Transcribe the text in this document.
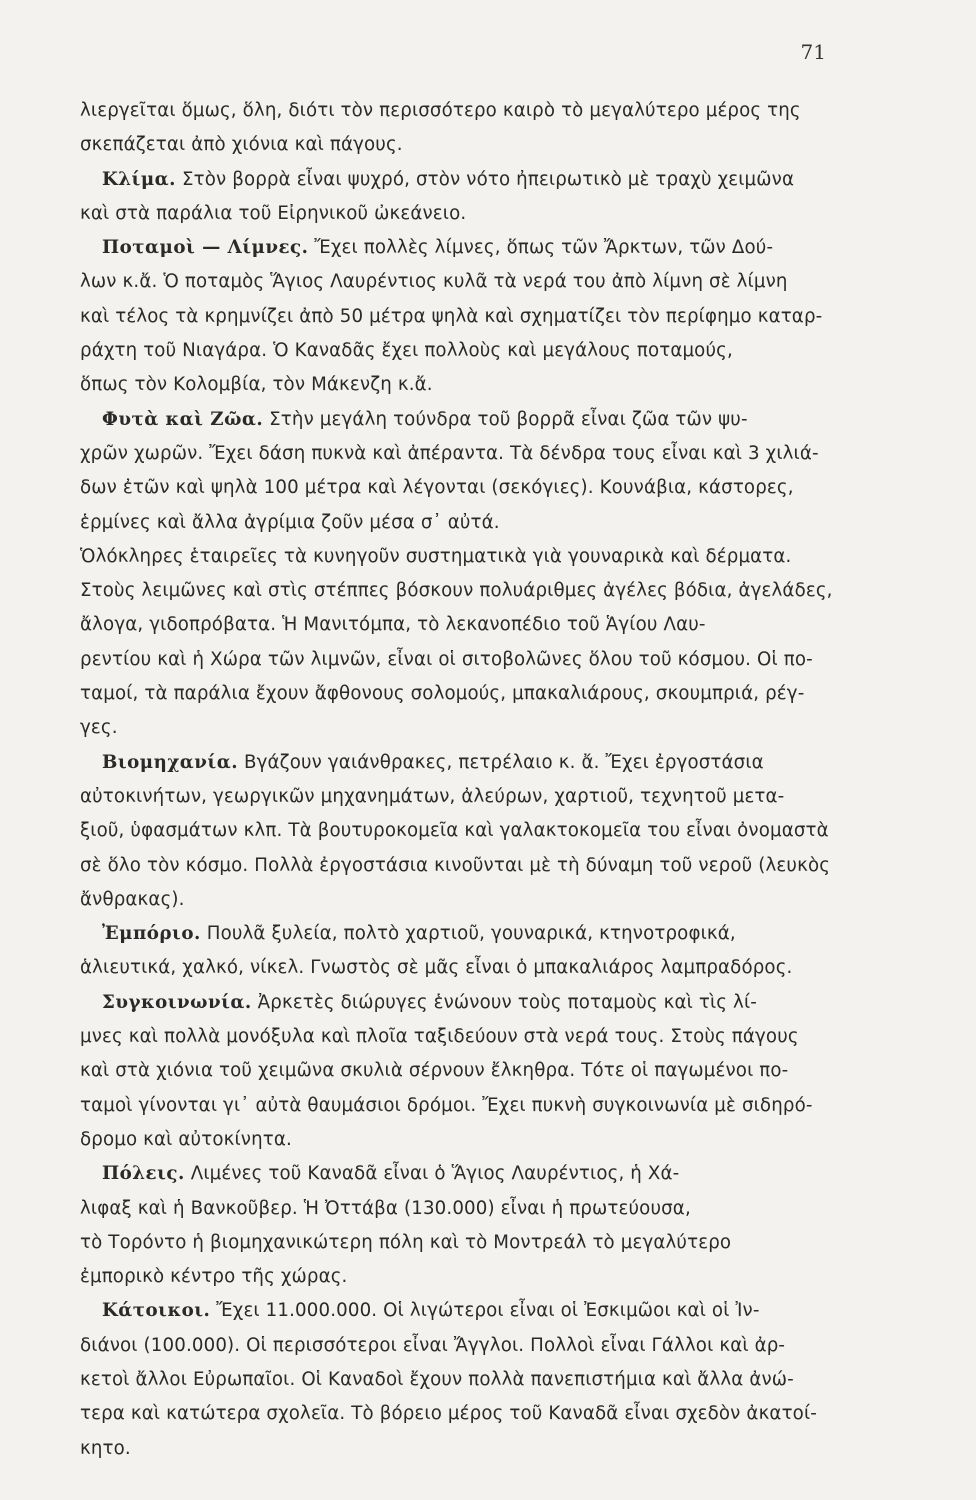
71
λιεργεῖται ὅμως, ὅλη, διότι τὸν περισσότερο καιρὸ τὸ μεγαλύτερο μέρος της
σκεπάζεται ἀπὸ χιόνια καὶ πάγους.
Κλίμα. Στὸν βορρὰ εἶναι ψυχρό, στὸν νότο ἠπειρωτικὸ μὲ τραχὺ χειμῶνα
καὶ στὰ παράλια τοῦ Εἰρηνικοῦ ὠκεάνειο.
Ποταμοὶ — Λίμνες. Ἔχει πολλὲς λίμνες, ὅπως τῶν Ἄρκτων, τῶν Δού-
λων κ.ἄ. Ὁ ποταμὸς Ἅγιος Λαυρέντιος κυλᾶ τὰ νερά του ἀπὸ λίμνη σὲ λίμνη
καὶ τέλος τὰ κρημνίζει ἀπὸ 50 μέτρα ψηλὰ καὶ σχηματίζει τὸν περίφημο καταρ-
ράχτη τοῦ Νιαγάρα. Ὁ Καναδᾶς ἔχει πολλοὺς καὶ μεγάλους ποταμούς,
ὅπως τὸν Κολομβία, τὸν Μάκενζη κ.ἄ.
Φυτὰ καὶ Ζῶα. Στὴν μεγάλη τούνδρα τοῦ βορρᾶ εἶναι ζῶα τῶν ψυ-
χρῶν χωρῶν. Ἔχει δάση πυκνὰ καὶ ἀπέραντα. Τὰ δένδρα τους εἶναι καὶ 3 χιλιά-
δων ἐτῶν καὶ ψηλὰ 100 μέτρα καὶ λέγονται (σεκόγιες). Κουνάβια, κάστορες,
ἑρμίνες καὶ ἄλλα ἀγρίμια ζοῦν μέσα σ᾽ αὐτά.
Ὁλόκληρες ἑταιρεῖες τὰ κυνηγοῦν συστηματικὰ γιὰ γουναρικὰ καὶ δέρματα.
Στοὺς λειμῶνες καὶ στὶς στέππες βόσκουν πολυάριθμες ἀγέλες βόδια, ἀγελάδες,
ἄλογα, γιδοπρόβατα. Ἡ Μανιτόμπα, τὸ λεκανοπέδιο τοῦ Ἁγίου Λαυ-
ρεντίου καὶ ἡ Χώρα τῶν λιμνῶν, εἶναι οἱ σιτοβολῶνες ὅλου τοῦ κόσμου. Οἱ πο-
ταμοί, τὰ παράλια ἔχουν ἄφθονους σολομούς, μπακαλιάρους, σκουμπριά, ρέγ-
γες.
Βιομηχανία. Βγάζουν γαιάνθρακες, πετρέλαιο κ. ἄ. Ἔχει ἐργοστάσια
αὐτοκινήτων, γεωργικῶν μηχανημάτων, ἀλεύρων, χαρτιοῦ, τεχνητοῦ μετα-
ξιοῦ, ὑφασμάτων κλπ. Τὰ βουτυροκομεῖα καὶ γαλακτοκομεῖα του εἶναι ὀνομαστὰ
σὲ ὅλο τὸν κόσμο. Πολλὰ ἐργοστάσια κινοῦνται μὲ τὴ δύναμη τοῦ νεροῦ (λευκὸς
ἄνθρακας).
Ἐμπόριο. Πουλᾶ ξυλεία, πολτὸ χαρτιοῦ, γουναρικά, κτηνοτροφικά,
ἁλιευτικά, χαλκό, νίκελ. Γνωστὸς σὲ μᾶς εἶναι ὁ μπακαλιάρος λαμπραδόρος.
Συγκοινωνία. Ἀρκετὲς διώρυγες ἑνώνουν τοὺς ποταμοὺς καὶ τὶς λί-
μνες καὶ πολλὰ μονόξυλα καὶ πλοῖα ταξιδεύουν στὰ νερά τους. Στοὺς πάγους
καὶ στὰ χιόνια τοῦ χειμῶνα σκυλιὰ σέρνουν ἔλκηθρα. Τότε οἱ παγωμένοι πο-
ταμοὶ γίνονται γι᾽ αὐτὰ θαυμάσιοι δρόμοι. Ἔχει πυκνὴ συγκοινωνία μὲ σιδηρό-
δρομο καὶ αὐτοκίνητα.
Πόλεις. Λιμένες τοῦ Καναδᾶ εἶναι ὁ Ἅγιος Λαυρέντιος, ἡ Χά-
λιφαξ καὶ ἡ Βανκοῦβερ. Ἡ Ὀττάβα (130.000) εἶναι ἡ πρωτεύουσα,
τὸ Τορόντο ἡ βιομηχανικώτερη πόλη καὶ τὸ Μοντρεάλ τὸ μεγαλύτερο
ἐμπορικὸ κέντρο τῆς χώρας.
Κάτοικοι. Ἔχει 11.000.000. Οἱ λιγώτεροι εἶναι οἱ Ἐσκιμῶοι καὶ οἱ Ἰν-
διάνοι (100.000). Οἱ περισσότεροι εἶναι Ἄγγλοι. Πολλοὶ εἶναι Γάλλοι καὶ ἀρ-
κετοὶ ἄλλοι Εὐρωπαῖοι. Οἱ Καναδοὶ ἔχουν πολλὰ πανεπιστήμια καὶ ἄλλα ἀνώ-
τερα καὶ κατώτερα σχολεῖα. Τὸ βόρειο μέρος τοῦ Καναδᾶ εἶναι σχεδὸν ἀκατοί-
κητο.
